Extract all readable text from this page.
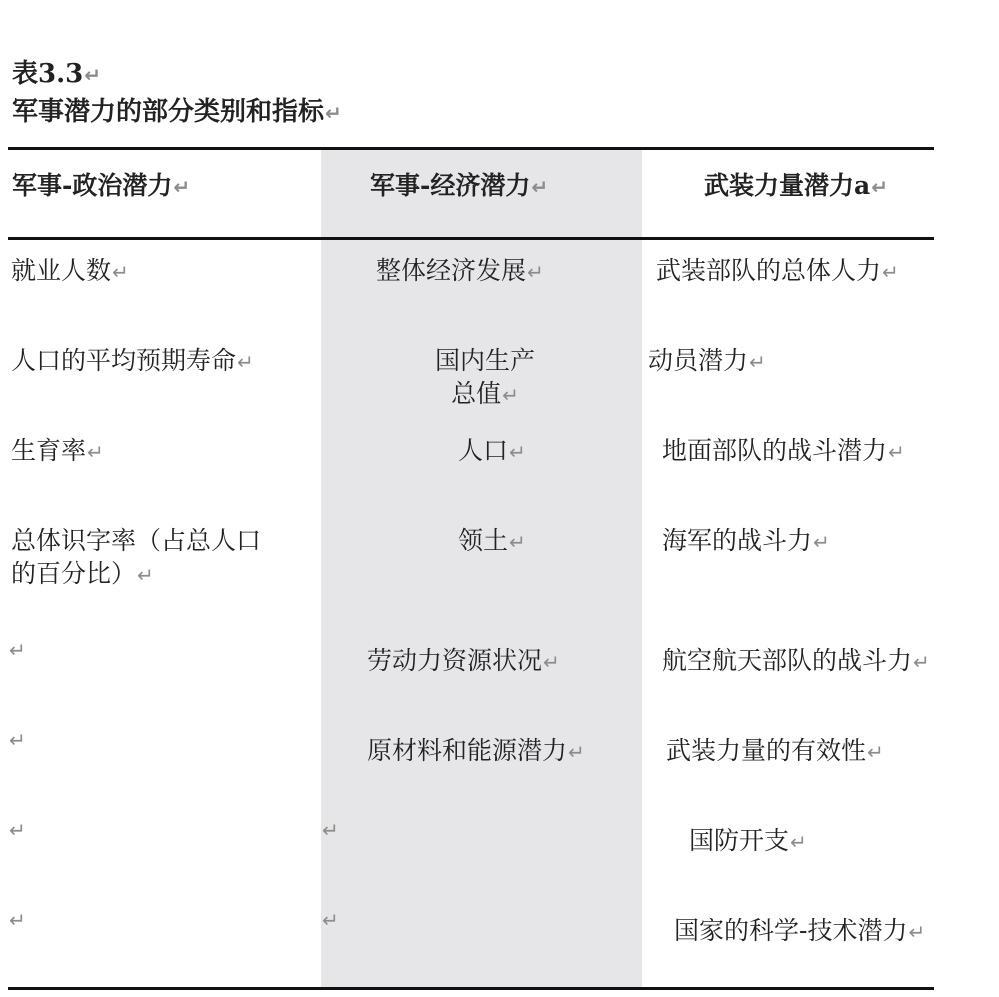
表3.3↵
军事潜力的部分类别和指标↵
军事-政治潜力↵	军事-经济潜力↵	武装力量潜力a↵
就业人数↵
人口的平均预期寿命↵
生育率↵
总体识字率（占总人口的百分比）↵
↵
↵
↵
↵
整体经济发展↵
国内生产总值↵
人口↵
领土↵
劳动力资源状况↵
原材料和能源潜力↵
↵
↵
武装部队的总体人力↵
动员潜力↵
地面部队的战斗潜力↵
海军的战斗力↵
航空航天部队的战斗力↵
武装力量的有效性↵
国防开支↵
国家的科学-技术潜力↵
